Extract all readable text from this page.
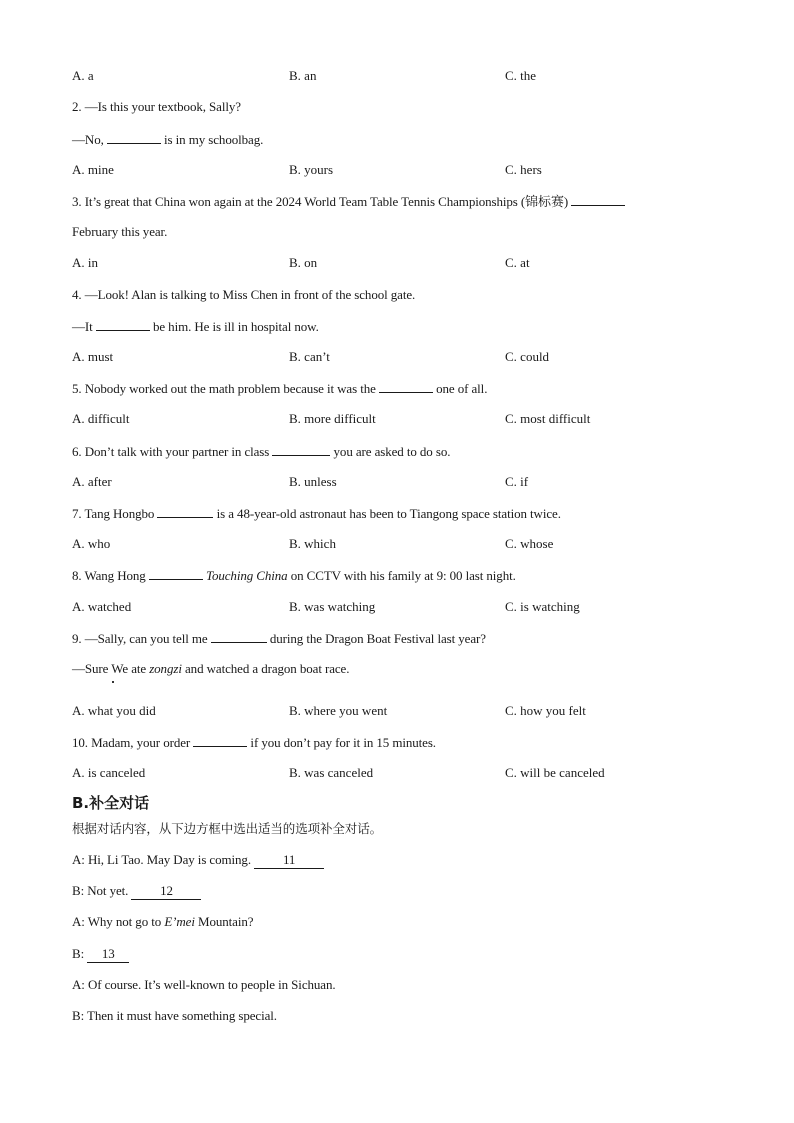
A. a	B. an	C. the
2. —Is this your textbook, Sally?
—No,	is in my schoolbag.
A. mine	B. yours	C. hers
3. It’s great that China won again at the 2024 World Team Table Tennis Championships (锦标赛)
February this year.
A. in	B. on	C. at
4. —Look! Alan is talking to Miss Chen in front of the school gate.
—It	be him. He is ill in hospital now.
A. must	B. can’t	C. could
5. Nobody worked out the math problem because it was the	one of all.
A. difficult	B. more difficult	C. most difficult
6. Don’t talk with your partner in class	you are asked to do so.
A. after	B. unless	C. if
7. Tang Hongbo	is a 48-year-old astronaut has been to Tiangong space station twice.
A. who	B. which	C. whose
8. Wang Hong	Touching China on CCTV with his family at 9: 00 last night.
A. watched	B. was watching	C. is watching
9. —Sally, can you tell me	during the Dragon Boat Festival last year?
—Sure We ate zongzi and watched a dragon boat race.
A. what you did	B. where you went	C. how you felt
10. Madam, your order	if you don’t pay for it in 15 minutes.
A. is canceled	B. was canceled	C. will be canceled
B.补全对话
根据对话内容，从下边方框中选出适当的选项补全对话。
A: Hi, Li Tao. May Day is coming. 11
B: Not yet. 12
A: Why not go to E’mei Mountain?
B: 13
A: Of course. It’s well-known to people in Sichuan.
B: Then it must have something special.
